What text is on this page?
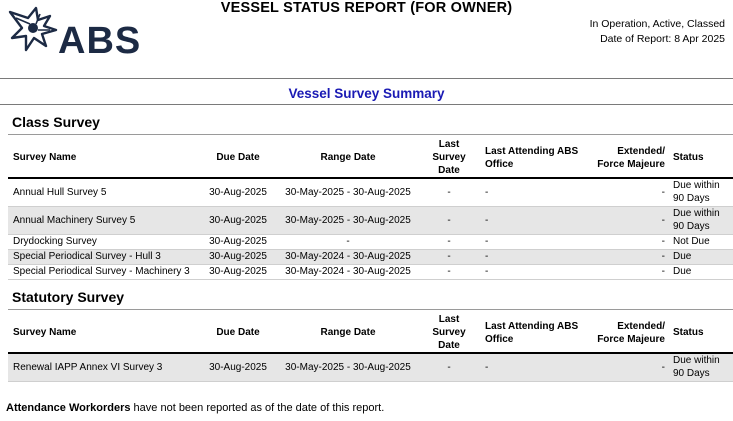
ABS
VESSEL STATUS REPORT (FOR OWNER)
In Operation, Active, Classed
Date of Report: 8 Apr 2025
Vessel Survey Summary
Class Survey
Survey Name	Due Date	Range Date	Last Survey Date	Last Attending ABS Office	Extended/ Force Majeure	Status
Annual Hull Survey 5	30-Aug-2025	30-May-2025 - 30-Aug-2025	-	-	-	Due within 90 Days
Annual Machinery Survey 5	30-Aug-2025	30-May-2025 - 30-Aug-2025	-	-	-	Due within 90 Days
Drydocking Survey	30-Aug-2025	-	-	-	-	Not Due
Special Periodical Survey - Hull 3	30-Aug-2025	30-May-2024 - 30-Aug-2025	-	-	-	Due
Special Periodical Survey - Machinery 3	30-Aug-2025	30-May-2024 - 30-Aug-2025	-	-	-	Due
Statutory Survey
Survey Name	Due Date	Range Date	Last Survey Date	Last Attending ABS Office	Extended/ Force Majeure	Status
Renewal IAPP Annex VI Survey 3	30-Aug-2025	30-May-2025 - 30-Aug-2025	-	-	-	Due within 90 Days
Attendance Workorders have not been reported as of the date of this report.
